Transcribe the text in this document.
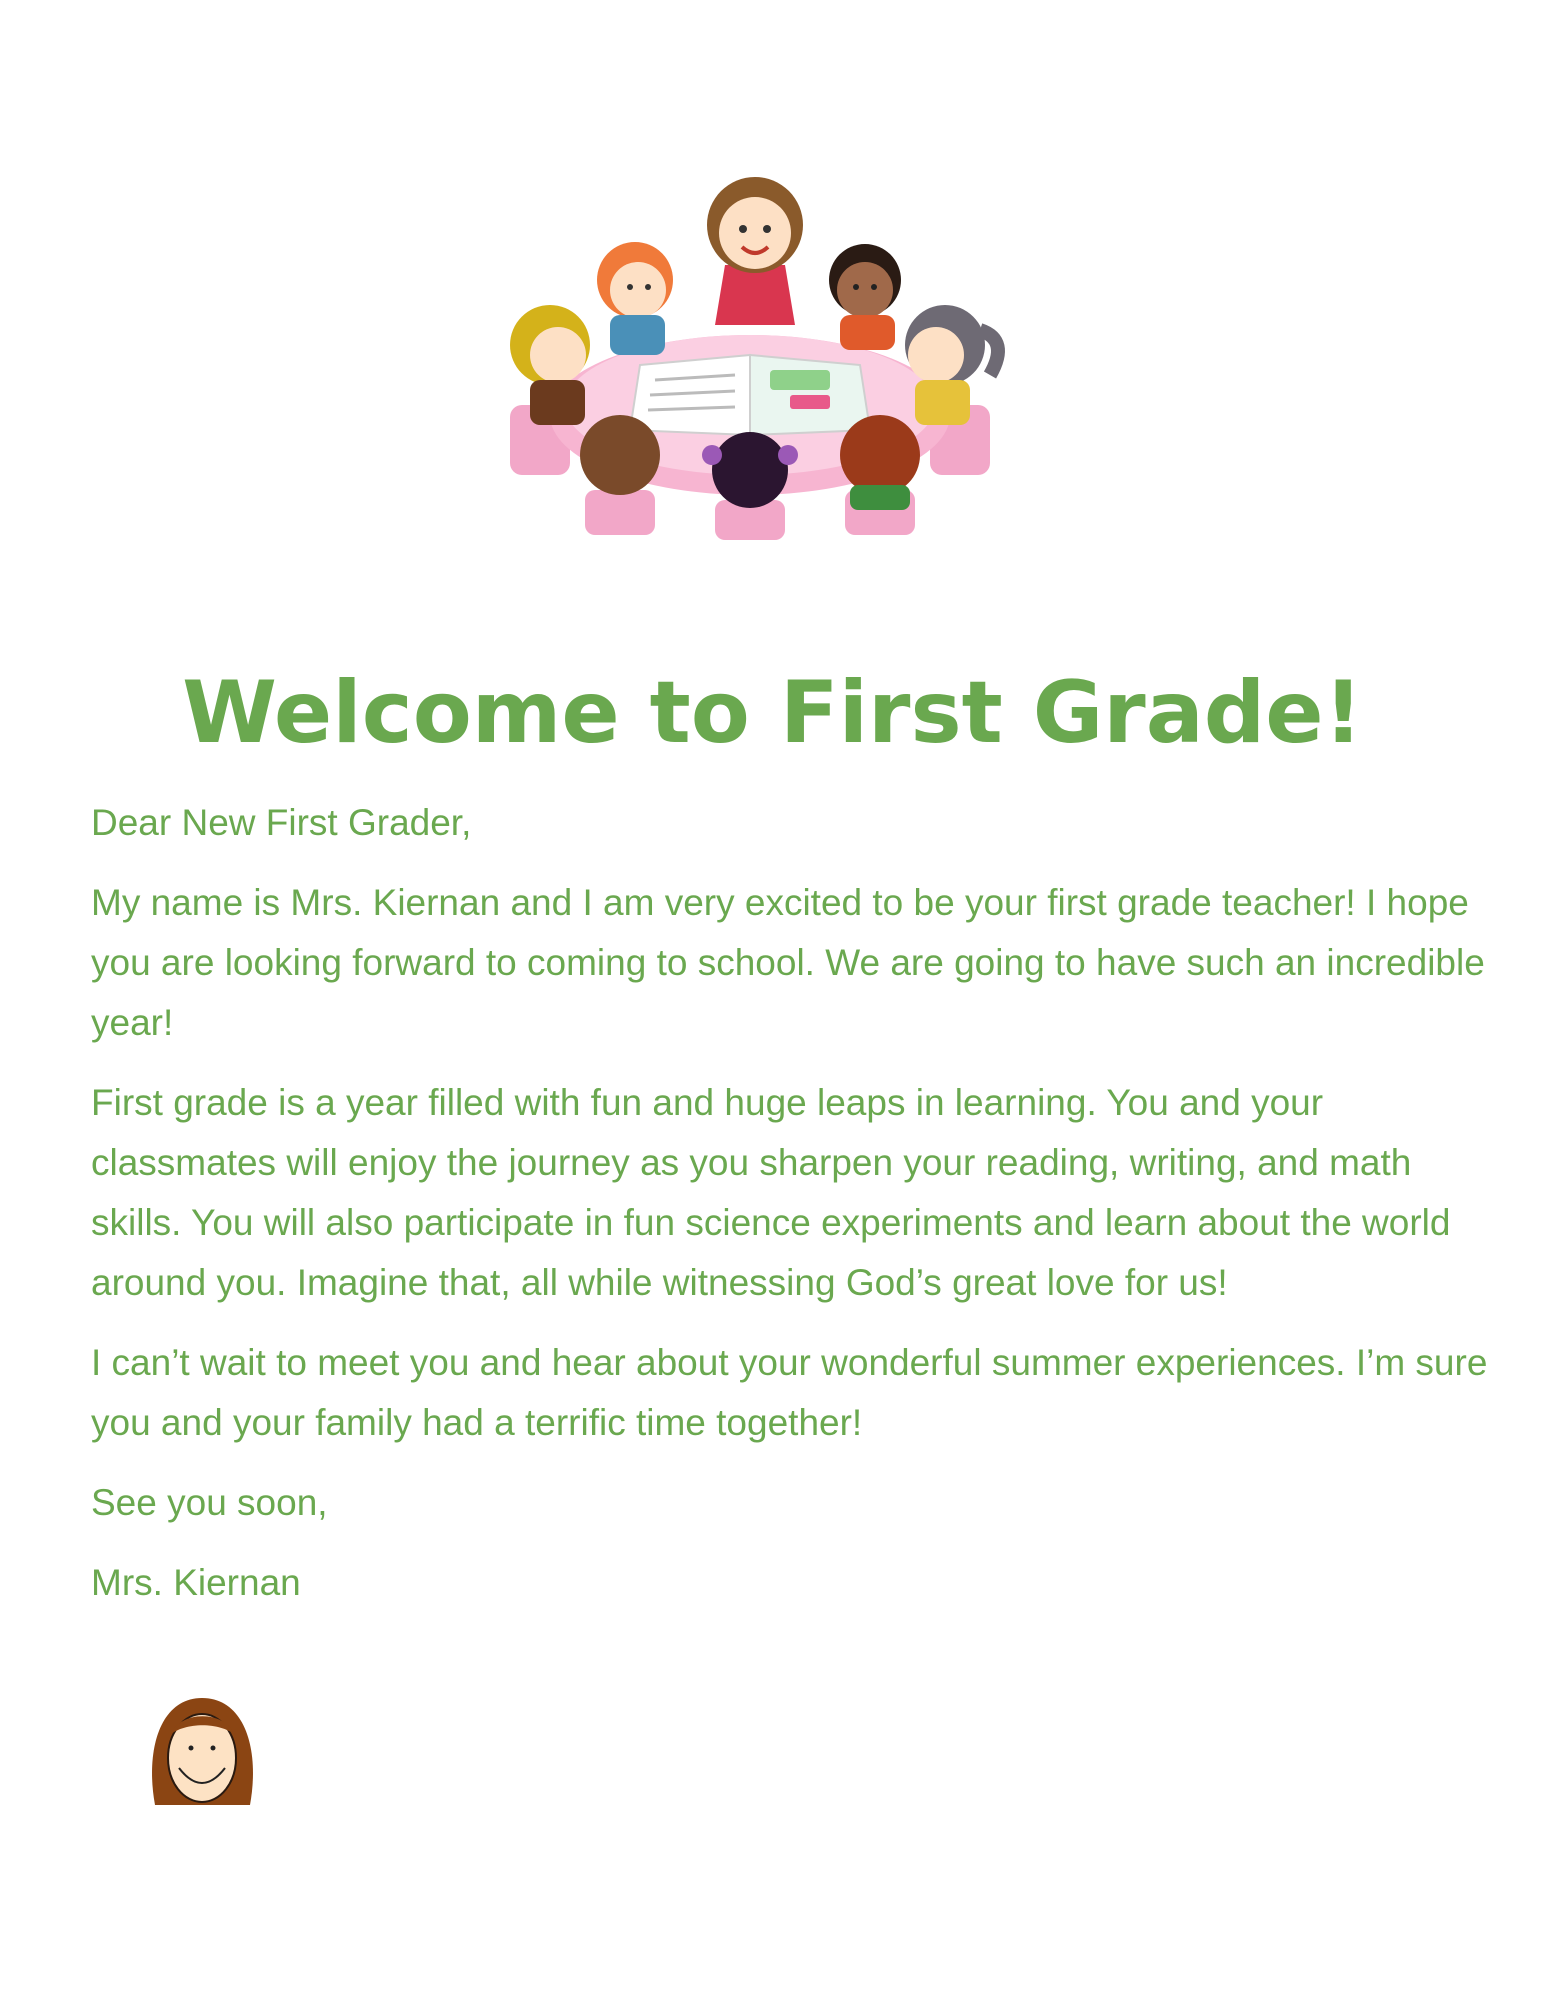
Welcome to First Grade!

Dear New First Grader,

My name is Mrs. Kiernan and I am very excited to be your first grade teacher! I hope you are looking forward to coming to school. We are going to have such an incredible year!

First grade is a year filled with fun and huge leaps in learning. You and your classmates will enjoy the journey as you sharpen your reading, writing, and math skills. You will also participate in fun science experiments and learn about the world around you. Imagine that, all while witnessing God’s great love for us!

I can’t wait to meet you and hear about your wonderful summer experiences. I’m sure you and your family had a terrific time together!

See you soon,

Mrs. Kiernan
